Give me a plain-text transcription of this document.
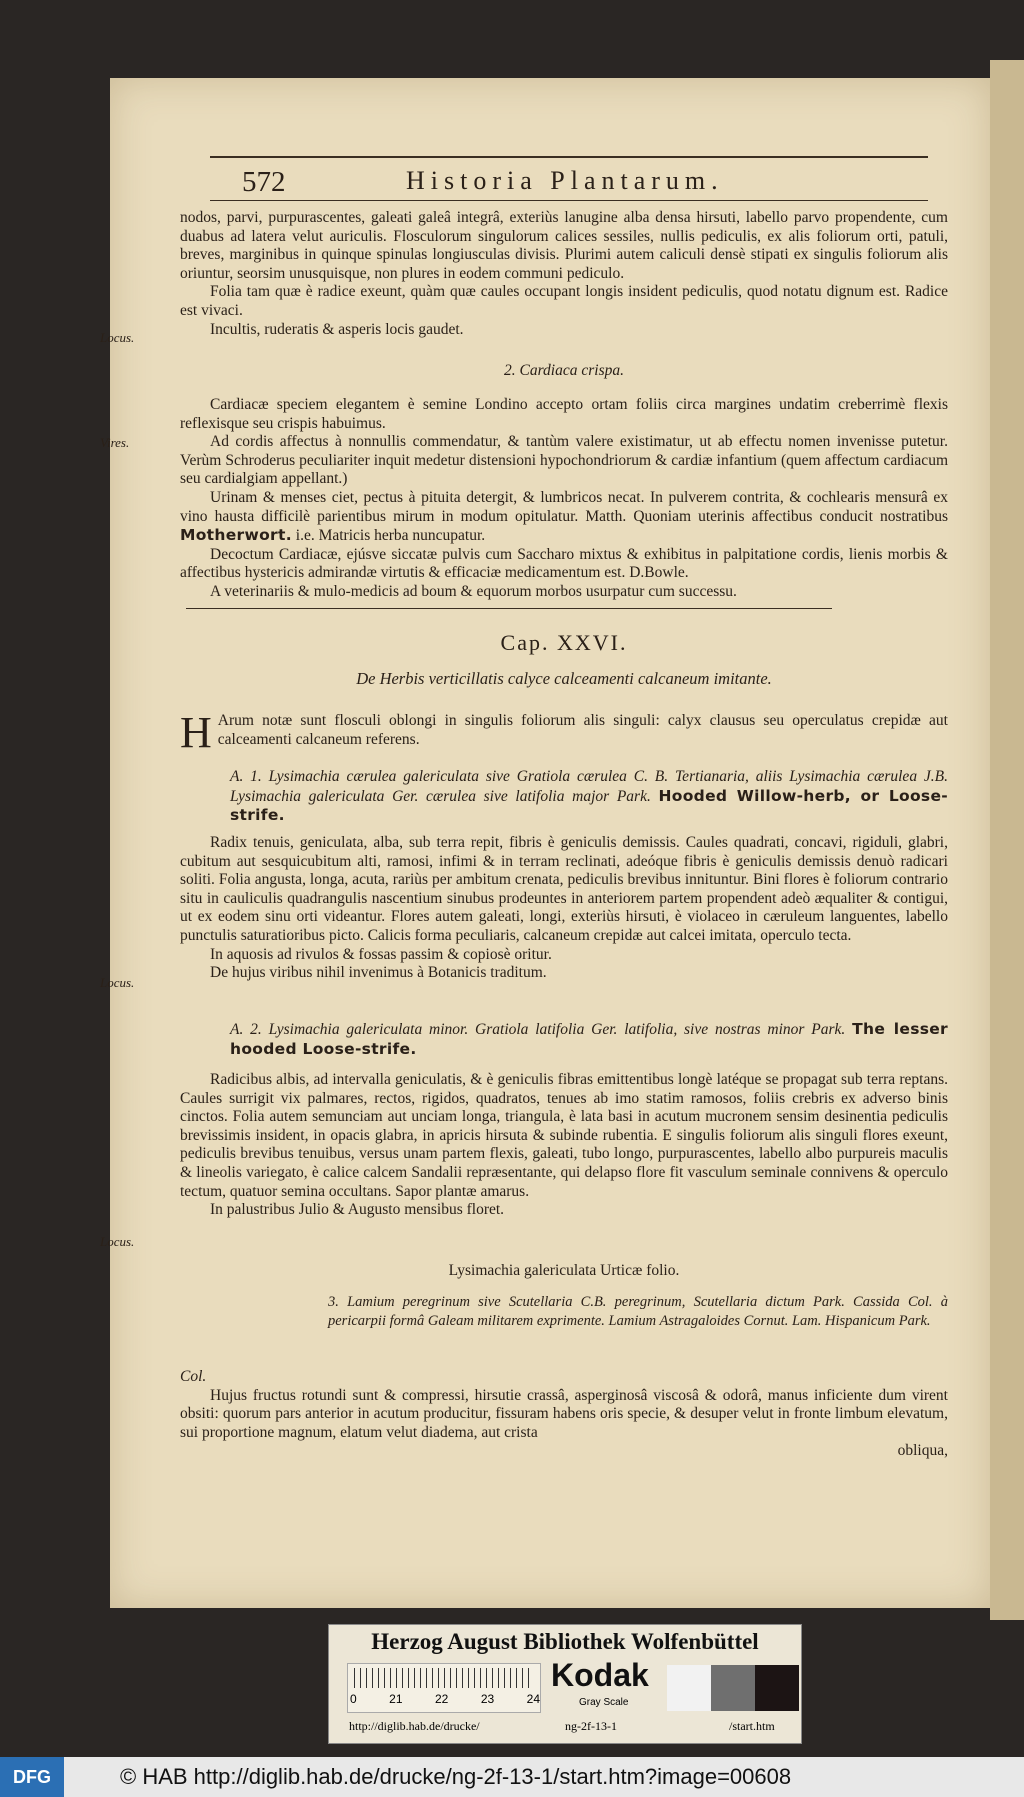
572	Historia Plantarum.

nodos, parvi, purpurascentes, galeati galeâ integrâ, exteriùs lanugine alba densa hirsuti, labello parvo propendente, cum duabus ad latera velut auriculis. Flosculorum singulorum calices sessiles, nullis pediculis, ex alis foliorum orti, patuli, breves, marginibus in quinque spinulas longiusculas divisis. Plurimi autem caliculi densè stipati ex singulis foliorum alis oriuntur, seorsim unusquisque, non plures in eodem communi pediculo.

Folia tam quæ è radice exeunt, quàm quæ caules occupant longis insident pediculis, quod notatu dignum est. Radice est vivaci.

Incultis, ruderatis & asperis locis gaudet.

Locus.
2. Cardiaca crispa.

Cardiacæ speciem elegantem è semine Londino accepto ortam foliis circa margines undatim creberrimè flexis reflexisque seu crispis habuimus.

Ad cordis affectus à nonnullis commendatur, & tantùm valere existimatur, ut ab effectu nomen invenisse putetur. Verùm Schroderus peculiariter inquit medetur distensioni hypochondriorum & cardiæ infantium (quem affectum cardiacum seu cardialgiam appellant.)

Urinam & menses ciet, pectus à pituita detergit, & lumbricos necat. In pulverem contrita, & cochlearis mensurâ ex vino hausta difficilè parientibus mirum in modum opitulatur. Matth. Quoniam uterinis affectibus conducit nostratibus Motherwort. i.e. Matricis herba nuncupatur.

Decoctum Cardiacæ, ejúsve siccatæ pulvis cum Saccharo mixtus & exhibitus in palpitatione cordis, lienis morbis & affectibus hystericis admirandæ virtutis & efficaciæ medicamentum est. D.Bowle.

A veterinariis & mulo-medicis ad boum & equorum morbos usurpatur cum successu.

Vires.
Cap. XXVI.
De Herbis verticillatis calyce calceamenti calcaneum imitante.
H Arum notæ sunt flosculi oblongi in singulis foliorum alis singuli: calyx clausus seu operculatus crepidæ aut calceamenti calcaneum referens.
A. 1. Lysimachia cærulea galericulata sive Gratiola cærulea C. B. Tertianaria, aliis Lysimachia cærulea J.B. Lysimachia galericulata Ger. cærulea sive latifolia major Park. Hooded Willow-herb, or Loose-strife.

Radix tenuis, geniculata, alba, sub terra repit, fibris è geniculis demissis. Caules quadrati, concavi, rigiduli, glabri, cubitum aut sesquicubitum alti, ramosi, infimi & in terram reclinati, adeóque fibris è geniculis demissis denuò radicari soliti. Folia angusta, longa, acuta, rariùs per ambitum crenata, pediculis brevibus innituntur. Bini flores è foliorum contrario situ in cauliculis quadrangulis nascentium sinubus prodeuntes in anteriorem partem propendent adeò æqualiter & contigui, ut ex eodem sinu orti videantur. Flores autem galeati, longi, exteriùs hirsuti, è violaceo in cæruleum languentes, labello punctulis saturatioribus picto. Calicis forma peculiaris, calcaneum crepidæ aut calcei imitata, operculo tecta.

In aquosis ad rivulos & fossas passim & copiosè oritur.

De hujus viribus nihil invenimus à Botanicis traditum.

Locus.
A. 2. Lysimachia galericulata minor. Gratiola latifolia Ger. latifolia, sive nostras minor Park. The lesser hooded Loose-strife.

Radicibus albis, ad intervalla geniculatis, & è geniculis fibras emittentibus longè latéque se propagat sub terra reptans. Caules surrigit vix palmares, rectos, rigidos, quadratos, tenues ab imo statim ramosos, foliis crebris ex adverso binis cinctos. Folia autem semunciam aut unciam longa, triangula, è lata basi in acutum mucronem sensim desinentia pediculis brevissimis insident, in opacis glabra, in apricis hirsuta & subinde rubentia. E singulis foliorum alis singuli flores exeunt, pediculis brevibus tenuibus, versus unam partem flexis, galeati, tubo longo, purpurascentes, labello albo purpureis maculis & lineolis variegato, è calice calcem Sandalii repræsentante, qui delapso flore fit vasculum seminale connivens & operculo tectum, quatuor semina occultans. Sapor plantæ amarus.

In palustribus Julio & Augusto mensibus floret.

Locus.
Lysimachia galericulata Urticæ folio.
3. Lamium peregrinum sive Scutellaria C.B. peregrinum, Scutellaria dictum Park. Cassida Col. à pericarpii formâ Galeam militarem exprimente. Lamium Astragaloides Cornut. Lam. Hispanicum Park.

Col.

Hujus fructus rotundi sunt & compressi, hirsutie crassâ, asperginosâ viscosâ & odorâ, manus inficiente dum virent obsiti: quorum pars anterior in acutum producitur, fissuram habens oris specie, & desuper velut in fronte limbum elevatum, sui proportione magnum, elatum velut diadema, aut crista

obliqua,

Herzog August Bibliothek Wolfenbüttel
0	21	22	23	24
Kodak
Gray Scale
http://diglib.hab.de/drucke/	ng-2f-13-1	/start.htm
DFG	© HAB http://diglib.hab.de/drucke/ng-2f-13-1/start.htm?image=00608
